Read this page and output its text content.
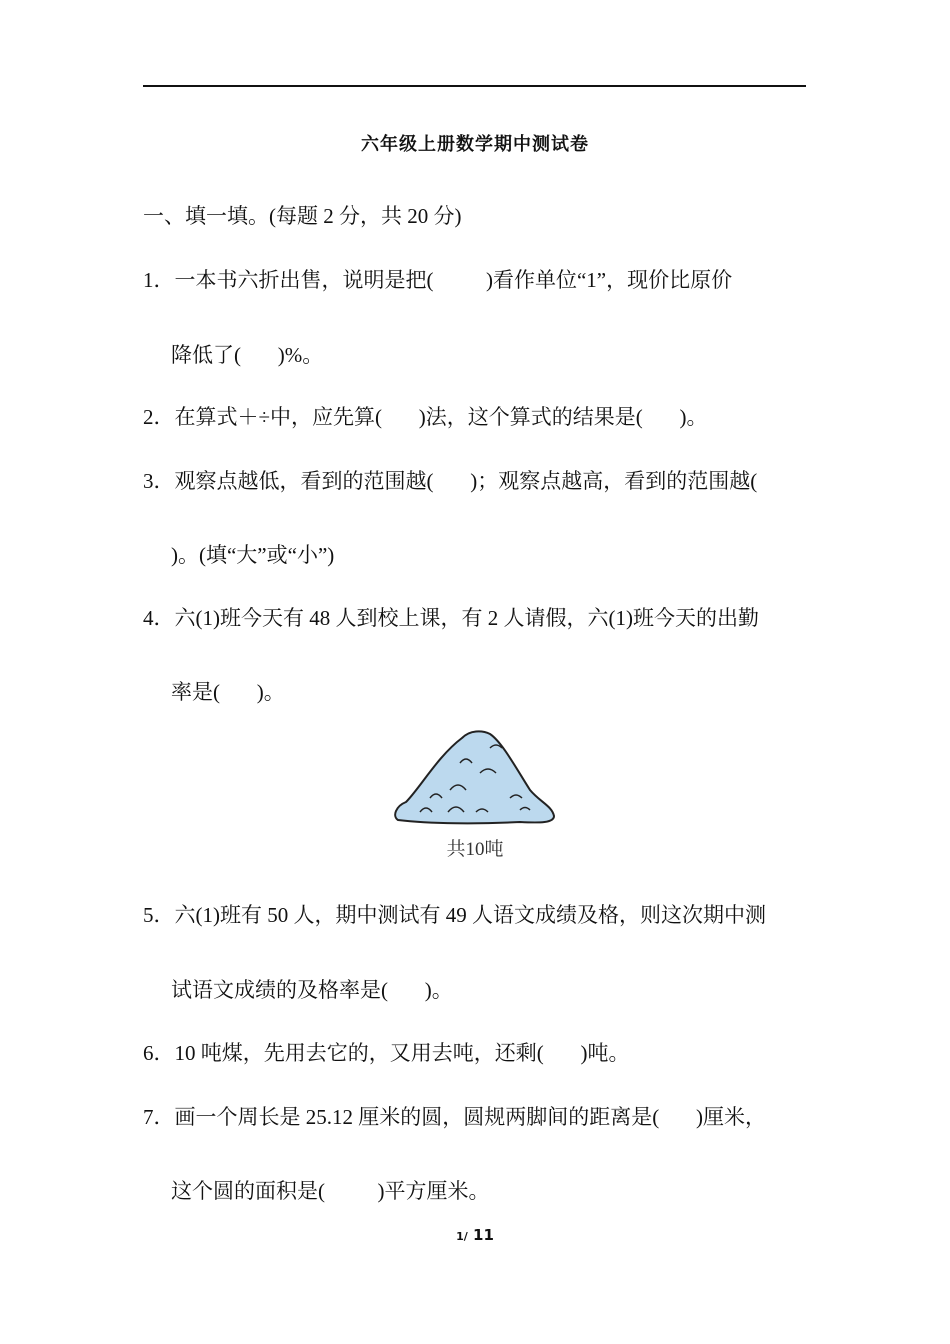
六年级上册数学期中测试卷
一、填一填。(每题 2 分，共 20 分)
1．一本书六折出售，说明是把(          )看作单位“1”，现价比原价
降低了(       )%。
2．在算式＋÷中，应先算(       )法，这个算式的结果是(       )。
3．观察点越低，看到的范围越(       )；观察点越高，看到的范围越(
)。(填“大”或“小”)
4．六(1)班今天有 48 人到校上课，有 2 人请假，六(1)班今天的出勤
率是(       )。
共10吨
5．六(1)班有 50 人，期中测试有 49 人语文成绩及格，则这次期中测
试语文成绩的及格率是(       )。
6．10 吨煤，先用去它的，又用去吨，还剩(       )吨。
7．画一个周长是 25.12 厘米的圆，圆规两脚间的距离是(       )厘米，
这个圆的面积是(          )平方厘米。
1/ 11
